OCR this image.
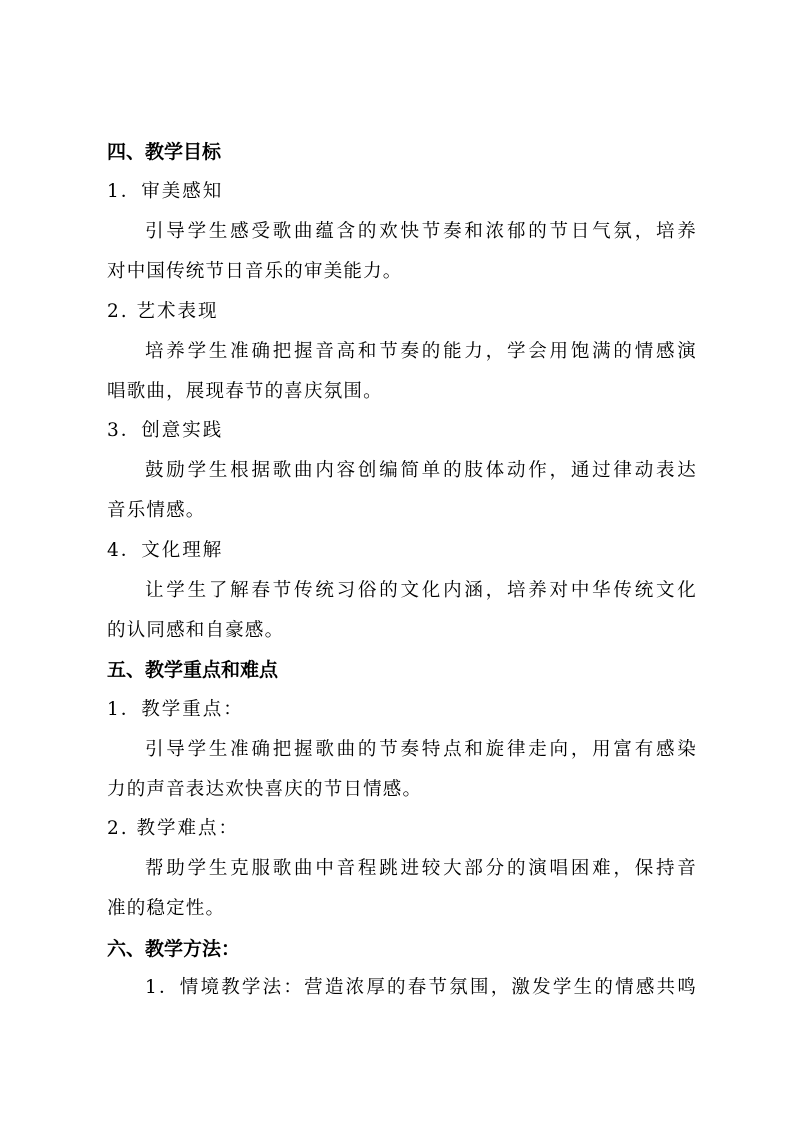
四、教学目标
1．审美感知
引导学生感受歌曲蕴含的欢快节奏和浓郁的节日气氛，培养
对中国传统节日音乐的审美能力。
2. 艺术表现
培养学生准确把握音高和节奏的能力，学会用饱满的情感演
唱歌曲，展现春节的喜庆氛围。
3．创意实践
鼓励学生根据歌曲内容创编简单的肢体动作，通过律动表达
音乐情感。
4．文化理解
让学生了解春节传统习俗的文化内涵，培养对中华传统文化
的认同感和自豪感。
五、教学重点和难点
1．教学重点：
引导学生准确把握歌曲的节奏特点和旋律走向，用富有感染
力的声音表达欢快喜庆的节日情感。
2. 教学难点：
帮助学生克服歌曲中音程跳进较大部分的演唱困难，保持音
准的稳定性。
六、教学方法：
1．情境教学法：营造浓厚的春节氛围，激发学生的情感共鸣
